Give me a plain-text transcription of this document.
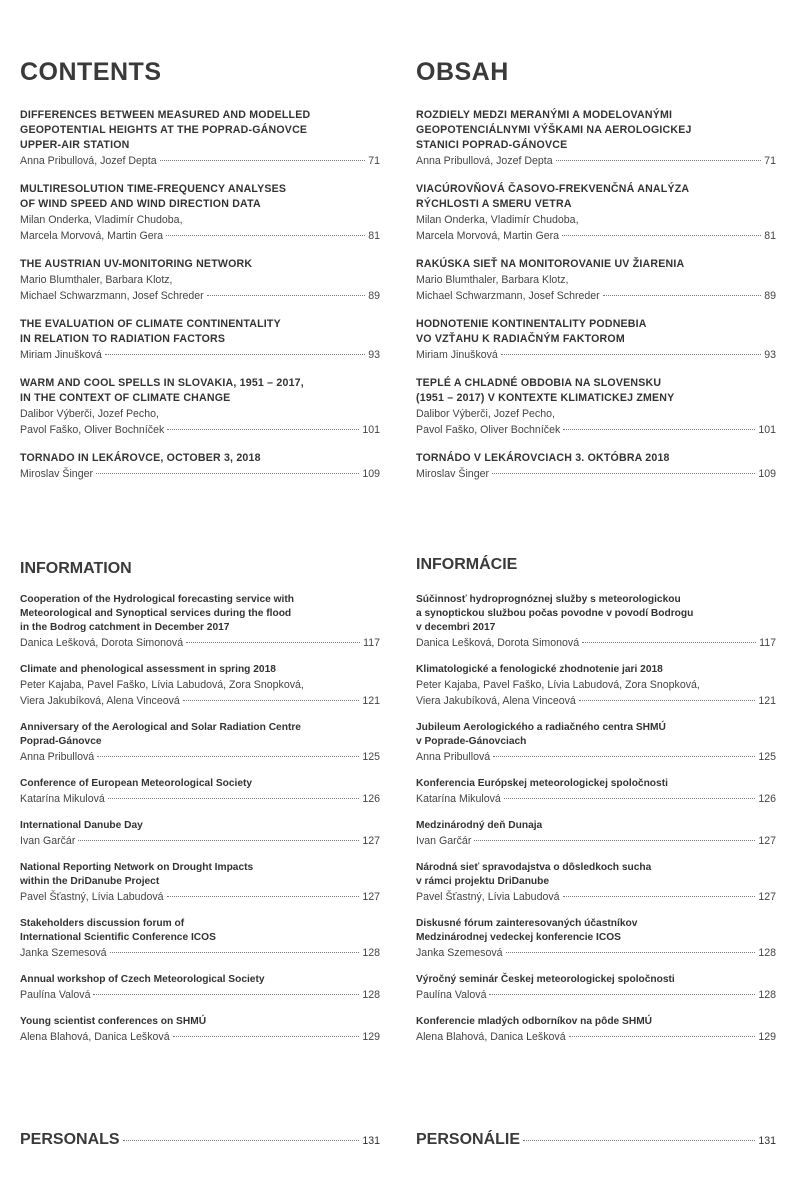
CONTENTS
DIFFERENCES BETWEEN MEASURED AND MODELLED
GEOPOTENTIAL HEIGHTS AT THE POPRAD-GÁNOVCE
UPPER-AIR STATION
Anna Pribullová, Jozef Depta	71
MULTIRESOLUTION TIME-FREQUENCY ANALYSES
OF WIND SPEED AND WIND DIRECTION DATA
Milan Onderka, Vladimír Chudoba,
Marcela Morvová, Martin Gera	81
THE AUSTRIAN UV-MONITORING NETWORK
Mario Blumthaler, Barbara Klotz,
Michael Schwarzmann, Josef Schreder	89
THE EVALUATION OF CLIMATE CONTINENTALITY
IN RELATION TO RADIATION FACTORS
Miriam Jinušková	93
WARM AND COOL SPELLS IN SLOVAKIA, 1951 – 2017,
IN THE CONTEXT OF CLIMATE CHANGE
Dalibor Výberči, Jozef Pecho,
Pavol Faško, Oliver Bochníček	101
TORNADO IN LEKÁROVCE, OCTOBER 3, 2018
Miroslav Šinger	109
INFORMATION
Cooperation of the Hydrological forecasting service with
Meteorological and Synoptical services during the flood
in the Bodrog catchment in December 2017
Danica Lešková, Dorota Simonová	117
Climate and phenological assessment in spring 2018
Peter Kajaba, Pavel Faško, Lívia Labudová, Zora Snopková,
Viera Jakubíková, Alena Vinceová	121
Anniversary of the Aerological and Solar Radiation Centre
Poprad-Gánovce
Anna Pribullová	125
Conference of European Meteorological Society
Katarína Mikulová	126
International Danube Day
Ivan Garčár	127
National Reporting Network on Drought Impacts
within the DriDanube Project
Pavel Šťastný, Lívia Labudová	127
Stakeholders discussion forum of
International Scientific Conference ICOS
Janka Szemesová	128
Annual workshop of Czech Meteorological Society
Paulína Valová	128
Young scientist conferences on SHMÚ
Alena Blahová, Danica Lešková	129
PERSONALS	131
OBSAH
ROZDIELY MEDZI MERANÝMI A MODELOVANÝMI
GEOPOTENCIÁLNYMI VÝŠKAMI NA AEROLOGICKEJ
STANICI POPRAD-GÁNOVCE
Anna Pribullová, Jozef Depta	71
VIACÚROVŇOVÁ ČASOVO-FREKVENČNÁ ANALÝZA
RÝCHLOSTI A SMERU VETRA
Milan Onderka, Vladimír Chudoba,
Marcela Morvová, Martin Gera	81
RAKÚSKA SIEŤ NA MONITOROVANIE UV ŽIARENIA
Mario Blumthaler, Barbara Klotz,
Michael Schwarzmann, Josef Schreder	89
HODNOTENIE KONTINENTALITY PODNEBIA
VO VZŤAHU K RADIAČNÝM FAKTOROM
Miriam Jinušková	93
TEPLÉ A CHLADNÉ OBDOBIA NA SLOVENSKU
(1951 – 2017) V KONTEXTE KLIMATICKEJ ZMENY
Dalibor Výberči, Jozef Pecho,
Pavol Faško, Oliver Bochníček	101
TORNÁDO V LEKÁROVCIACH 3. OKTÓBRA 2018
Miroslav Šinger	109
INFORMÁCIE
Súčinnosť hydroprognóznej služby s meteorologickou
a synoptickou službou počas povodne v povodí Bodrogu
v decembri 2017
Danica Lešková, Dorota Simonová	117
Klimatologické a fenologické zhodnotenie jari 2018
Peter Kajaba, Pavel Faško, Lívia Labudová, Zora Snopková,
Viera Jakubíková, Alena Vinceová	121
Jubileum Aerologického a radiačného centra SHMÚ
v Poprade-Gánovciach
Anna Pribullová	125
Konferencia Európskej meteorologickej spoločnosti
Katarína Mikulová	126
Medzinárodný deň Dunaja
Ivan Garčár	127
Národná sieť spravodajstva o dôsledkoch sucha
v rámci projektu DriDanube
Pavel Šťastný, Lívia Labudová	127
Diskusné fórum zainteresovaných účastníkov
Medzinárodnej vedeckej konferencie ICOS
Janka Szemesová	128
Výročný seminár Českej meteorologickej spoločnosti
Paulína Valová	128
Konferencie mladých odborníkov na pôde SHMÚ
Alena Blahová, Danica Lešková	129
PERSONÁLIE	131
